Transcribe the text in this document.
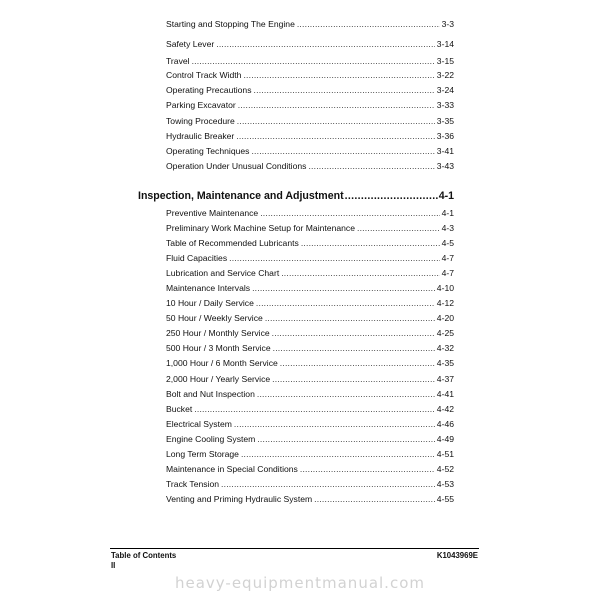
Starting and Stopping The Engine .....	3-3
Safety Lever .....	3-14
Travel .....	3-15
Control Track Width .....	3-22
Operating Precautions .....	3-24
Parking Excavator .....	3-33
Towing Procedure .....	3-35
Hydraulic Breaker .....	3-36
Operating Techniques .....	3-41
Operation Under Unusual Conditions .....	3-43
Inspection, Maintenance and Adjustment .....	4-1
Preventive Maintenance .....	4-1
Preliminary Work Machine Setup for Maintenance .....	4-3
Table of Recommended Lubricants .....	4-5
Fluid Capacities .....	4-7
Lubrication and Service Chart .....	4-7
Maintenance Intervals .....	4-10
10 Hour / Daily Service .....	4-12
50 Hour / Weekly Service .....	4-20
250 Hour / Monthly Service .....	4-25
500 Hour / 3 Month Service .....	4-32
1,000 Hour / 6 Month Service .....	4-35
2,000 Hour / Yearly Service .....	4-37
Bolt and Nut Inspection .....	4-41
Bucket .....	4-42
Electrical System .....	4-46
Engine Cooling System .....	4-49
Long Term Storage .....	4-51
Maintenance in Special Conditions .....	4-52
Track Tension .....	4-53
Venting and Priming Hydraulic System .....	4-55
Table of Contents
II
K1043969E
heavy-equipmentmanual.com
